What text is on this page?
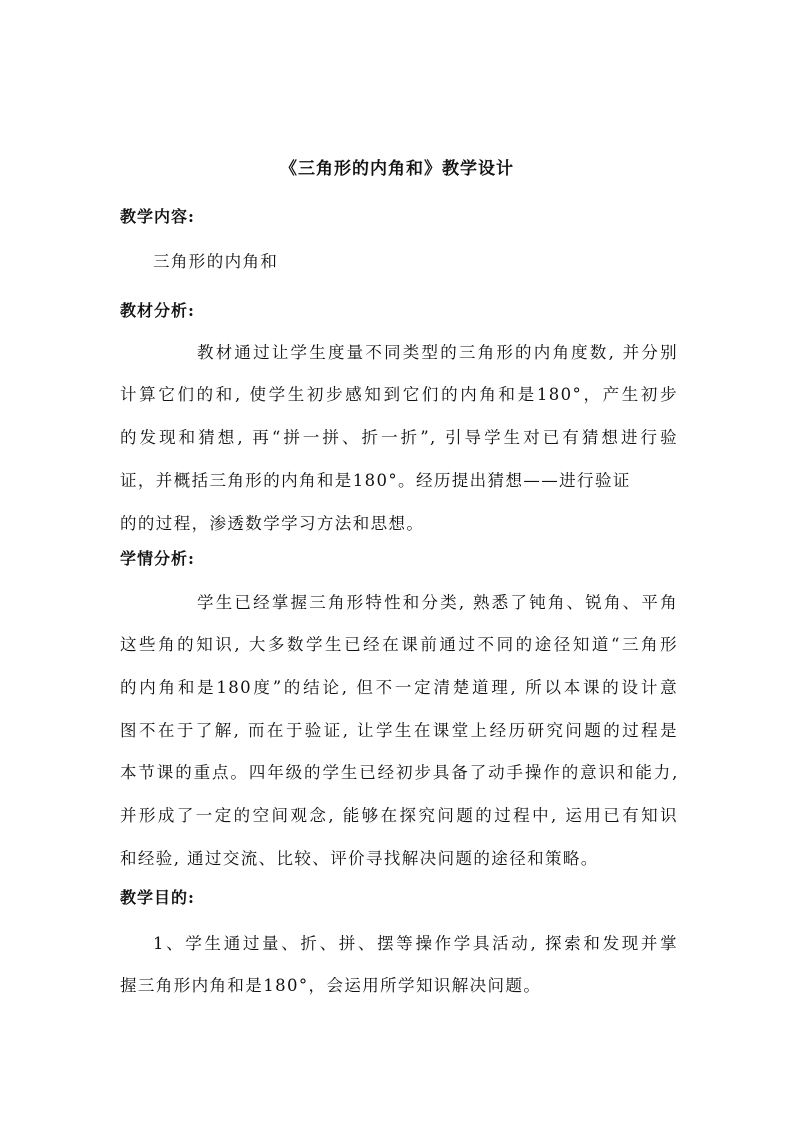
《三角形的内角和》教学设计
教学内容:
三角形的内角和
教材分析:
教材通过让学生度量不同类型的三角形的内角度数, 并分别
计算它们的和, 使学生初步感知到它们的内角和是180°，产生初步
的发现和猜想, 再“拼一拼、折一折”, 引导学生对已有猜想进行验
证，并概括三角形的内角和是180°。经历提出猜想——进行验证
的的过程，渗透数学学习方法和思想。
学情分析:
学生已经掌握三角形特性和分类, 熟悉了钝角、锐角、平角
这些角的知识, 大多数学生已经在课前通过不同的途径知道“三角形
的内角和是180度”的结论, 但不一定清楚道理, 所以本课的设计意
图不在于了解, 而在于验证, 让学生在课堂上经历研究问题的过程是
本节课的重点。四年级的学生已经初步具备了动手操作的意识和能力,
并形成了一定的空间观念, 能够在探究问题的过程中, 运用已有知识
和经验, 通过交流、比较、评价寻找解决问题的途径和策略。
教学目的:
1、学生通过量、折、拼、摆等操作学具活动, 探索和发现并掌
握三角形内角和是180°，会运用所学知识解决问题。
